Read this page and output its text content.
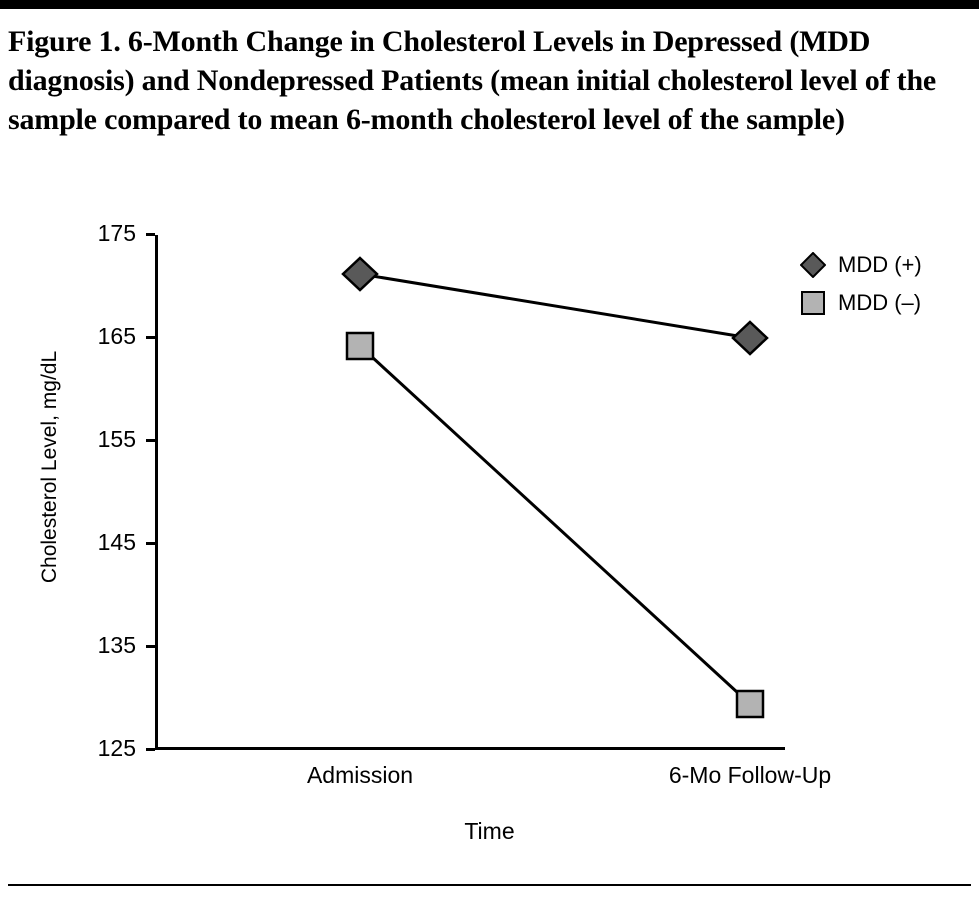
Figure 1. 6-Month Change in Cholesterol Levels in Depressed (MDD diagnosis) and Nondepressed Patients (mean initial cholesterol level of the sample compared to mean 6-month cholesterol level of the sample)
Cholesterol Level, mg/dL
125
135
145
155
165
175
Admission	6-Mo Follow-Up
Time
MDD (+)
MDD (–)
